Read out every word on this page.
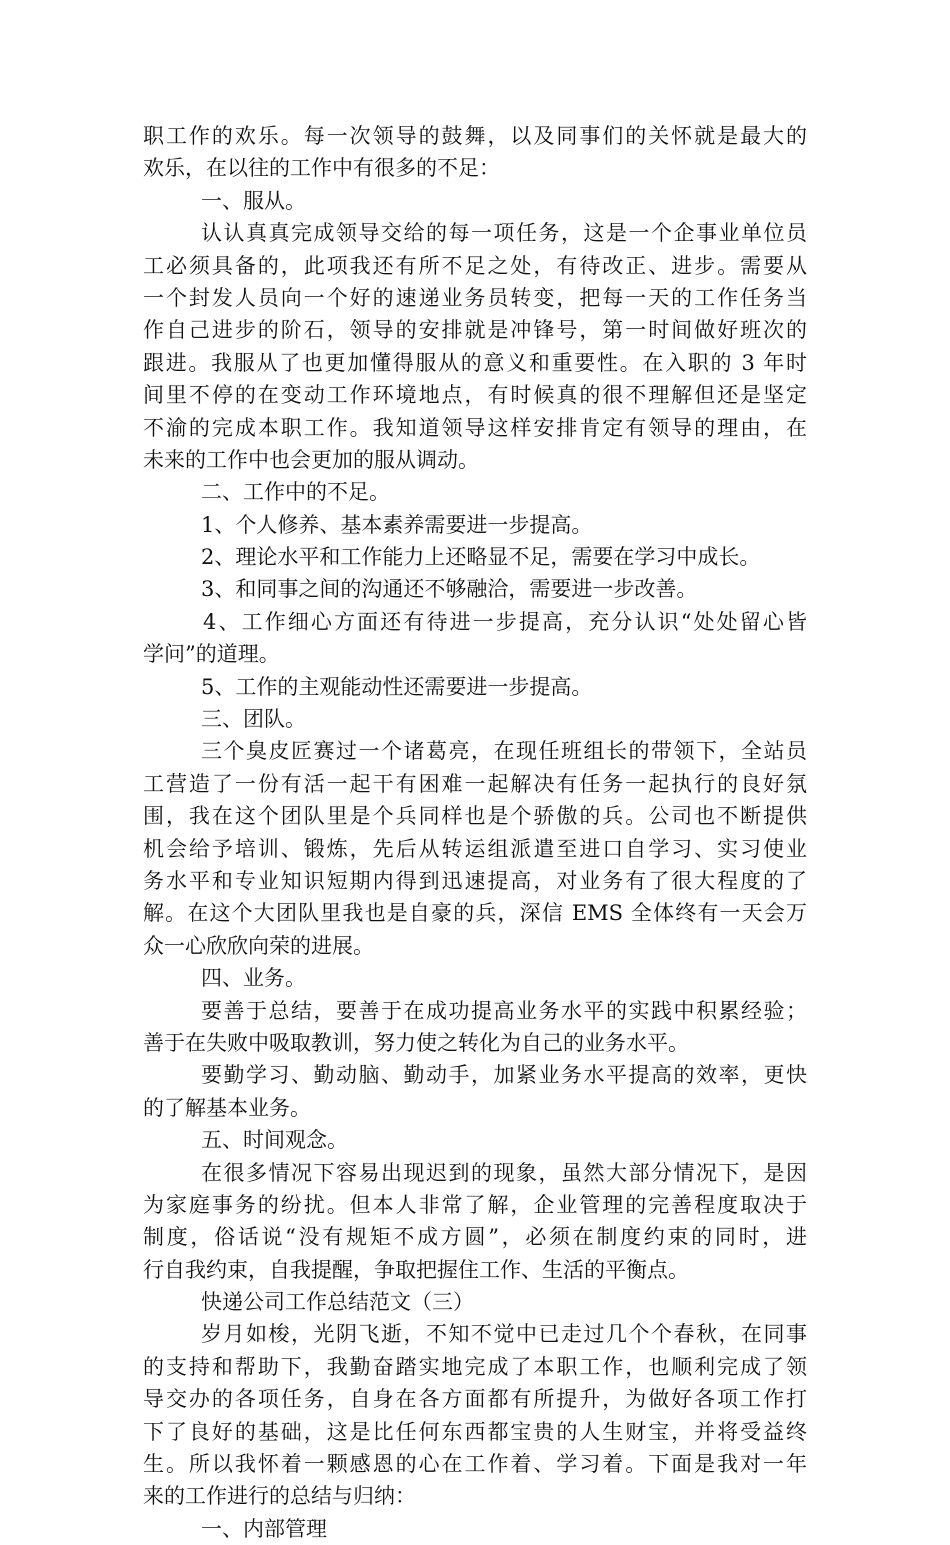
职工作的欢乐。每一次领导的鼓舞，以及同事们的关怀就是最大的
欢乐，在以往的工作中有很多的不足：
一、服从。
认认真真完成领导交给的每一项任务，这是一个企事业单位员
工必须具备的，此项我还有所不足之处，有待改正、进步。需要从
一个封发人员向一个好的速递业务员转变，把每一天的工作任务当
作自己进步的阶石，领导的安排就是冲锋号，第一时间做好班次的
跟进。我服从了也更加懂得服从的意义和重要性。在入职的 3 年时
间里不停的在变动工作环境地点，有时候真的很不理解但还是坚定
不渝的完成本职工作。我知道领导这样安排肯定有领导的理由，在
未来的工作中也会更加的服从调动。
二、工作中的不足。
1、个人修养、基本素养需要进一步提高。
2、理论水平和工作能力上还略显不足，需要在学习中成长。
3、和同事之间的沟通还不够融洽，需要进一步改善。
4、工作细心方面还有待进一步提高，充分认识“处处留心皆
学问”的道理。
5、工作的主观能动性还需要进一步提高。
三、团队。
三个臭皮匠赛过一个诸葛亮，在现任班组长的带领下，全站员
工营造了一份有活一起干有困难一起解决有任务一起执行的良好氛
围，我在这个团队里是个兵同样也是个骄傲的兵。公司也不断提供
机会给予培训、锻炼，先后从转运组派遣至进口自学习、实习使业
务水平和专业知识短期内得到迅速提高，对业务有了很大程度的了
解。在这个大团队里我也是自豪的兵，深信 EMS 全体终有一天会万
众一心欣欣向荣的进展。
四、业务。
要善于总结，要善于在成功提高业务水平的实践中积累经验；
善于在失败中吸取教训，努力使之转化为自己的业务水平。
要勤学习、勤动脑、勤动手，加紧业务水平提高的效率，更快
的了解基本业务。
五、时间观念。
在很多情况下容易出现迟到的现象，虽然大部分情况下，是因
为家庭事务的纷扰。但本人非常了解，企业管理的完善程度取决于
制度，俗话说“没有规矩不成方圆”，必须在制度约束的同时，进
行自我约束，自我提醒，争取把握住工作、生活的平衡点。
快递公司工作总结范文（三）
岁月如梭，光阴飞逝，不知不觉中已走过几个个春秋，在同事
的支持和帮助下，我勤奋踏实地完成了本职工作，也顺利完成了领
导交办的各项任务，自身在各方面都有所提升，为做好各项工作打
下了良好的基础，这是比任何东西都宝贵的人生财宝，并将受益终
生。所以我怀着一颗感恩的心在工作着、学习着。下面是我对一年
来的工作进行的总结与归纳：
一、内部管理
